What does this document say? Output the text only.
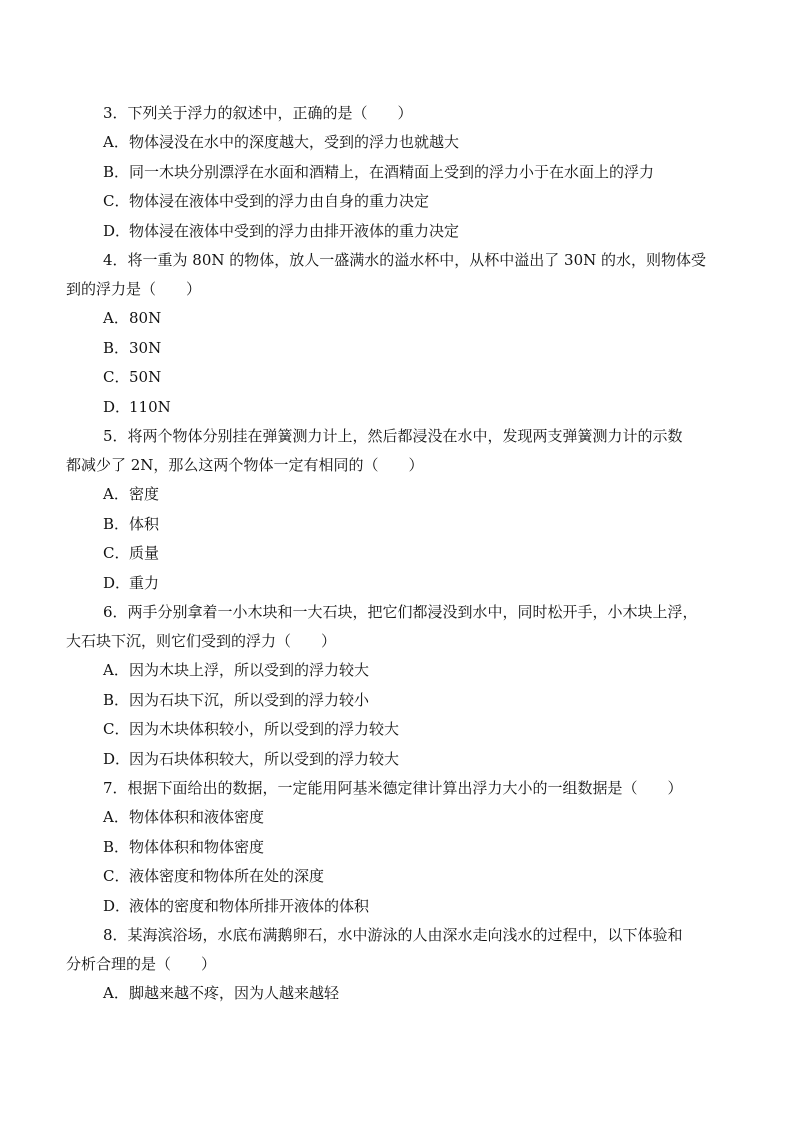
3．下列关于浮力的叙述中，正确的是（　　）
A．物体浸没在水中的深度越大，受到的浮力也就越大
B．同一木块分别漂浮在水面和酒精上，在酒精面上受到的浮力小于在水面上的浮力
C．物体浸在液体中受到的浮力由自身的重力决定
D．物体浸在液体中受到的浮力由排开液体的重力决定
4．将一重为 80N 的物体，放人一盛满水的溢水杯中，从杯中溢出了 30N 的水，则物体受
到的浮力是（　　）
A．80N
B．30N
C．50N
D．110N
5．将两个物体分别挂在弹簧测力计上，然后都浸没在水中，发现两支弹簧测力计的示数
都减少了 2N，那么这两个物体一定有相同的（　　）
A．密度
B．体积
C．质量
D．重力
6．两手分别拿着一小木块和一大石块，把它们都浸没到水中，同时松开手，小木块上浮，
大石块下沉，则它们受到的浮力（　　）
A．因为木块上浮，所以受到的浮力较大
B．因为石块下沉，所以受到的浮力较小
C．因为木块体积较小，所以受到的浮力较大
D．因为石块体积较大，所以受到的浮力较大
7．根据下面给出的数据，一定能用阿基米德定律计算出浮力大小的一组数据是（　　）
A．物体体积和液体密度
B．物体体积和物体密度
C．液体密度和物体所在处的深度
D．液体的密度和物体所排开液体的体积
8．某海滨浴场，水底布满鹅卵石，水中游泳的人由深水走向浅水的过程中，以下体验和
分析合理的是（　　）
A．脚越来越不疼，因为人越来越轻
